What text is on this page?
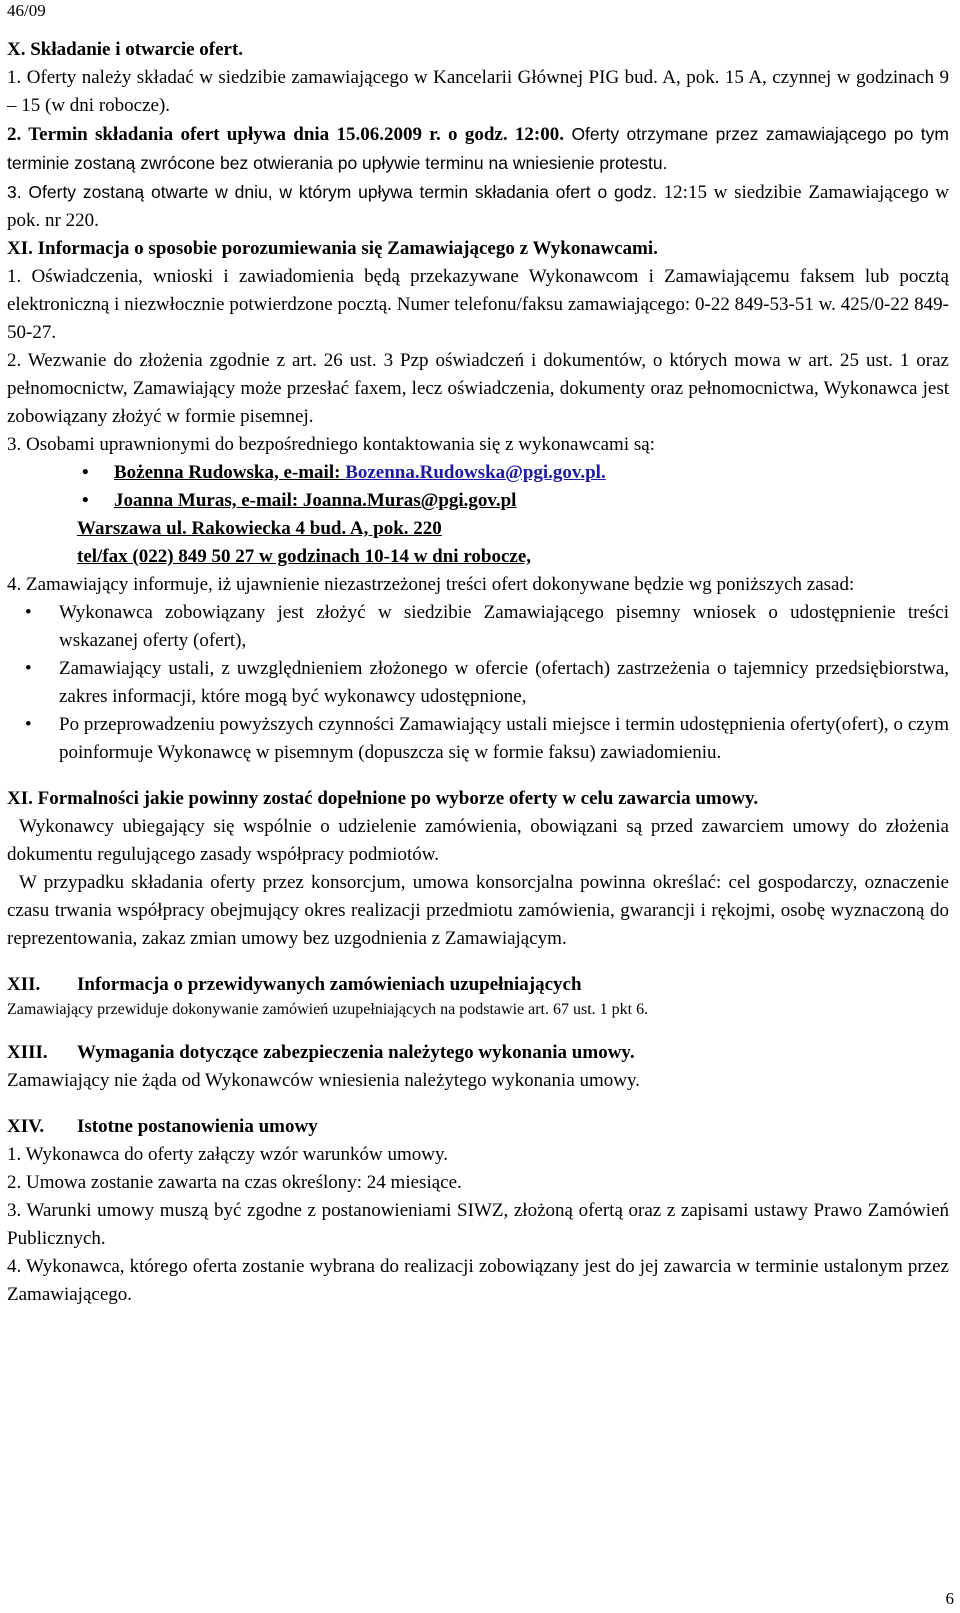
46/09

X. Składanie i otwarcie ofert.

1. Oferty należy składać w siedzibie zamawiającego w Kancelarii Głównej PIG bud. A, pok. 15 A, czynnej w godzinach 9 – 15 (w dni robocze).

2. Termin składania ofert upływa dnia 15.06.2009 r. o godz. 12:00. Oferty otrzymane przez zamawiającego po tym terminie zostaną zwrócone bez otwierania po upływie terminu na wniesienie protestu.

3. Oferty zostaną otwarte w dniu, w którym upływa termin składania ofert o godz. 12:15 w siedzibie Zamawiającego w pok. nr 220.

XI. Informacja o sposobie porozumiewania się Zamawiającego z Wykonawcami.

1. Oświadczenia, wnioski i zawiadomienia będą przekazywane Wykonawcom i Zamawiającemu faksem lub pocztą elektroniczną i niezwłocznie potwierdzone pocztą. Numer telefonu/faksu zamawiającego: 0-22 849-53-51 w. 425/0-22 849-50-27.

2. Wezwanie do złożenia zgodnie z art. 26 ust. 3 Pzp oświadczeń i dokumentów, o których mowa w art. 25 ust. 1 oraz pełnomocnictw, Zamawiający może przesłać faxem, lecz oświadczenia, dokumenty oraz pełnomocnictwa, Wykonawca jest zobowiązany złożyć w formie pisemnej.

3. Osobami uprawnionymi do bezpośredniego kontaktowania się z wykonawcami są:

• Bożenna Rudowska, e-mail: Bozenna.Rudowska@pgi.gov.pl.
• Joanna Muras, e-mail: Joanna.Muras@pgi.gov.pl

Warszawa ul. Rakowiecka 4 bud. A, pok. 220

tel/fax (022) 849 50 27 w godzinach 10-14 w dni robocze,

4. Zamawiający informuje, iż ujawnienie niezastrzeżonej treści ofert dokonywane będzie wg poniższych zasad:

• Wykonawca zobowiązany jest złożyć w siedzibie Zamawiającego pisemny wniosek o udostępnienie treści wskazanej oferty (ofert),
• Zamawiający ustali, z uwzględnieniem złożonego w ofercie (ofertach) zastrzeżenia o tajemnicy przedsiębiorstwa, zakres informacji, które mogą być wykonawcy udostępnione,
• Po przeprowadzeniu powyższych czynności Zamawiający ustali miejsce i termin udostępnienia oferty(ofert), o czym poinformuje Wykonawcę w pisemnym (dopuszcza się w formie faksu) zawiadomieniu.

XI. Formalności jakie powinny zostać dopełnione po wyborze oferty w celu zawarcia umowy.

Wykonawcy ubiegający się wspólnie o udzielenie zamówienia, obowiązani są przed zawarciem umowy do złożenia dokumentu regulującego zasady współpracy podmiotów.

W przypadku składania oferty przez konsorcjum, umowa konsorcjalna powinna określać: cel gospodarczy, oznaczenie czasu trwania współpracy obejmujący okres realizacji przedmiotu zamówienia, gwarancji i rękojmi, osobę wyznaczoną do reprezentowania, zakaz zmian umowy bez uzgodnienia z Zamawiającym.

XII. Informacja o przewidywanych zamówieniach uzupełniających

Zamawiający przewiduje dokonywanie zamówień uzupełniających na podstawie art. 67 ust. 1 pkt 6.

XIII. Wymagania dotyczące zabezpieczenia należytego wykonania umowy.

Zamawiający nie żąda od Wykonawców wniesienia należytego wykonania umowy.

XIV. Istotne postanowienia umowy

1. Wykonawca do oferty załączy wzór warunków umowy.

2. Umowa zostanie zawarta na czas określony: 24 miesiące.

3. Warunki umowy muszą być zgodne z postanowieniami SIWZ, złożoną ofertą oraz z zapisami ustawy Prawo Zamówień Publicznych.

4. Wykonawca, którego oferta zostanie wybrana do realizacji zobowiązany jest do jej zawarcia w terminie ustalonym przez Zamawiającego.

6
